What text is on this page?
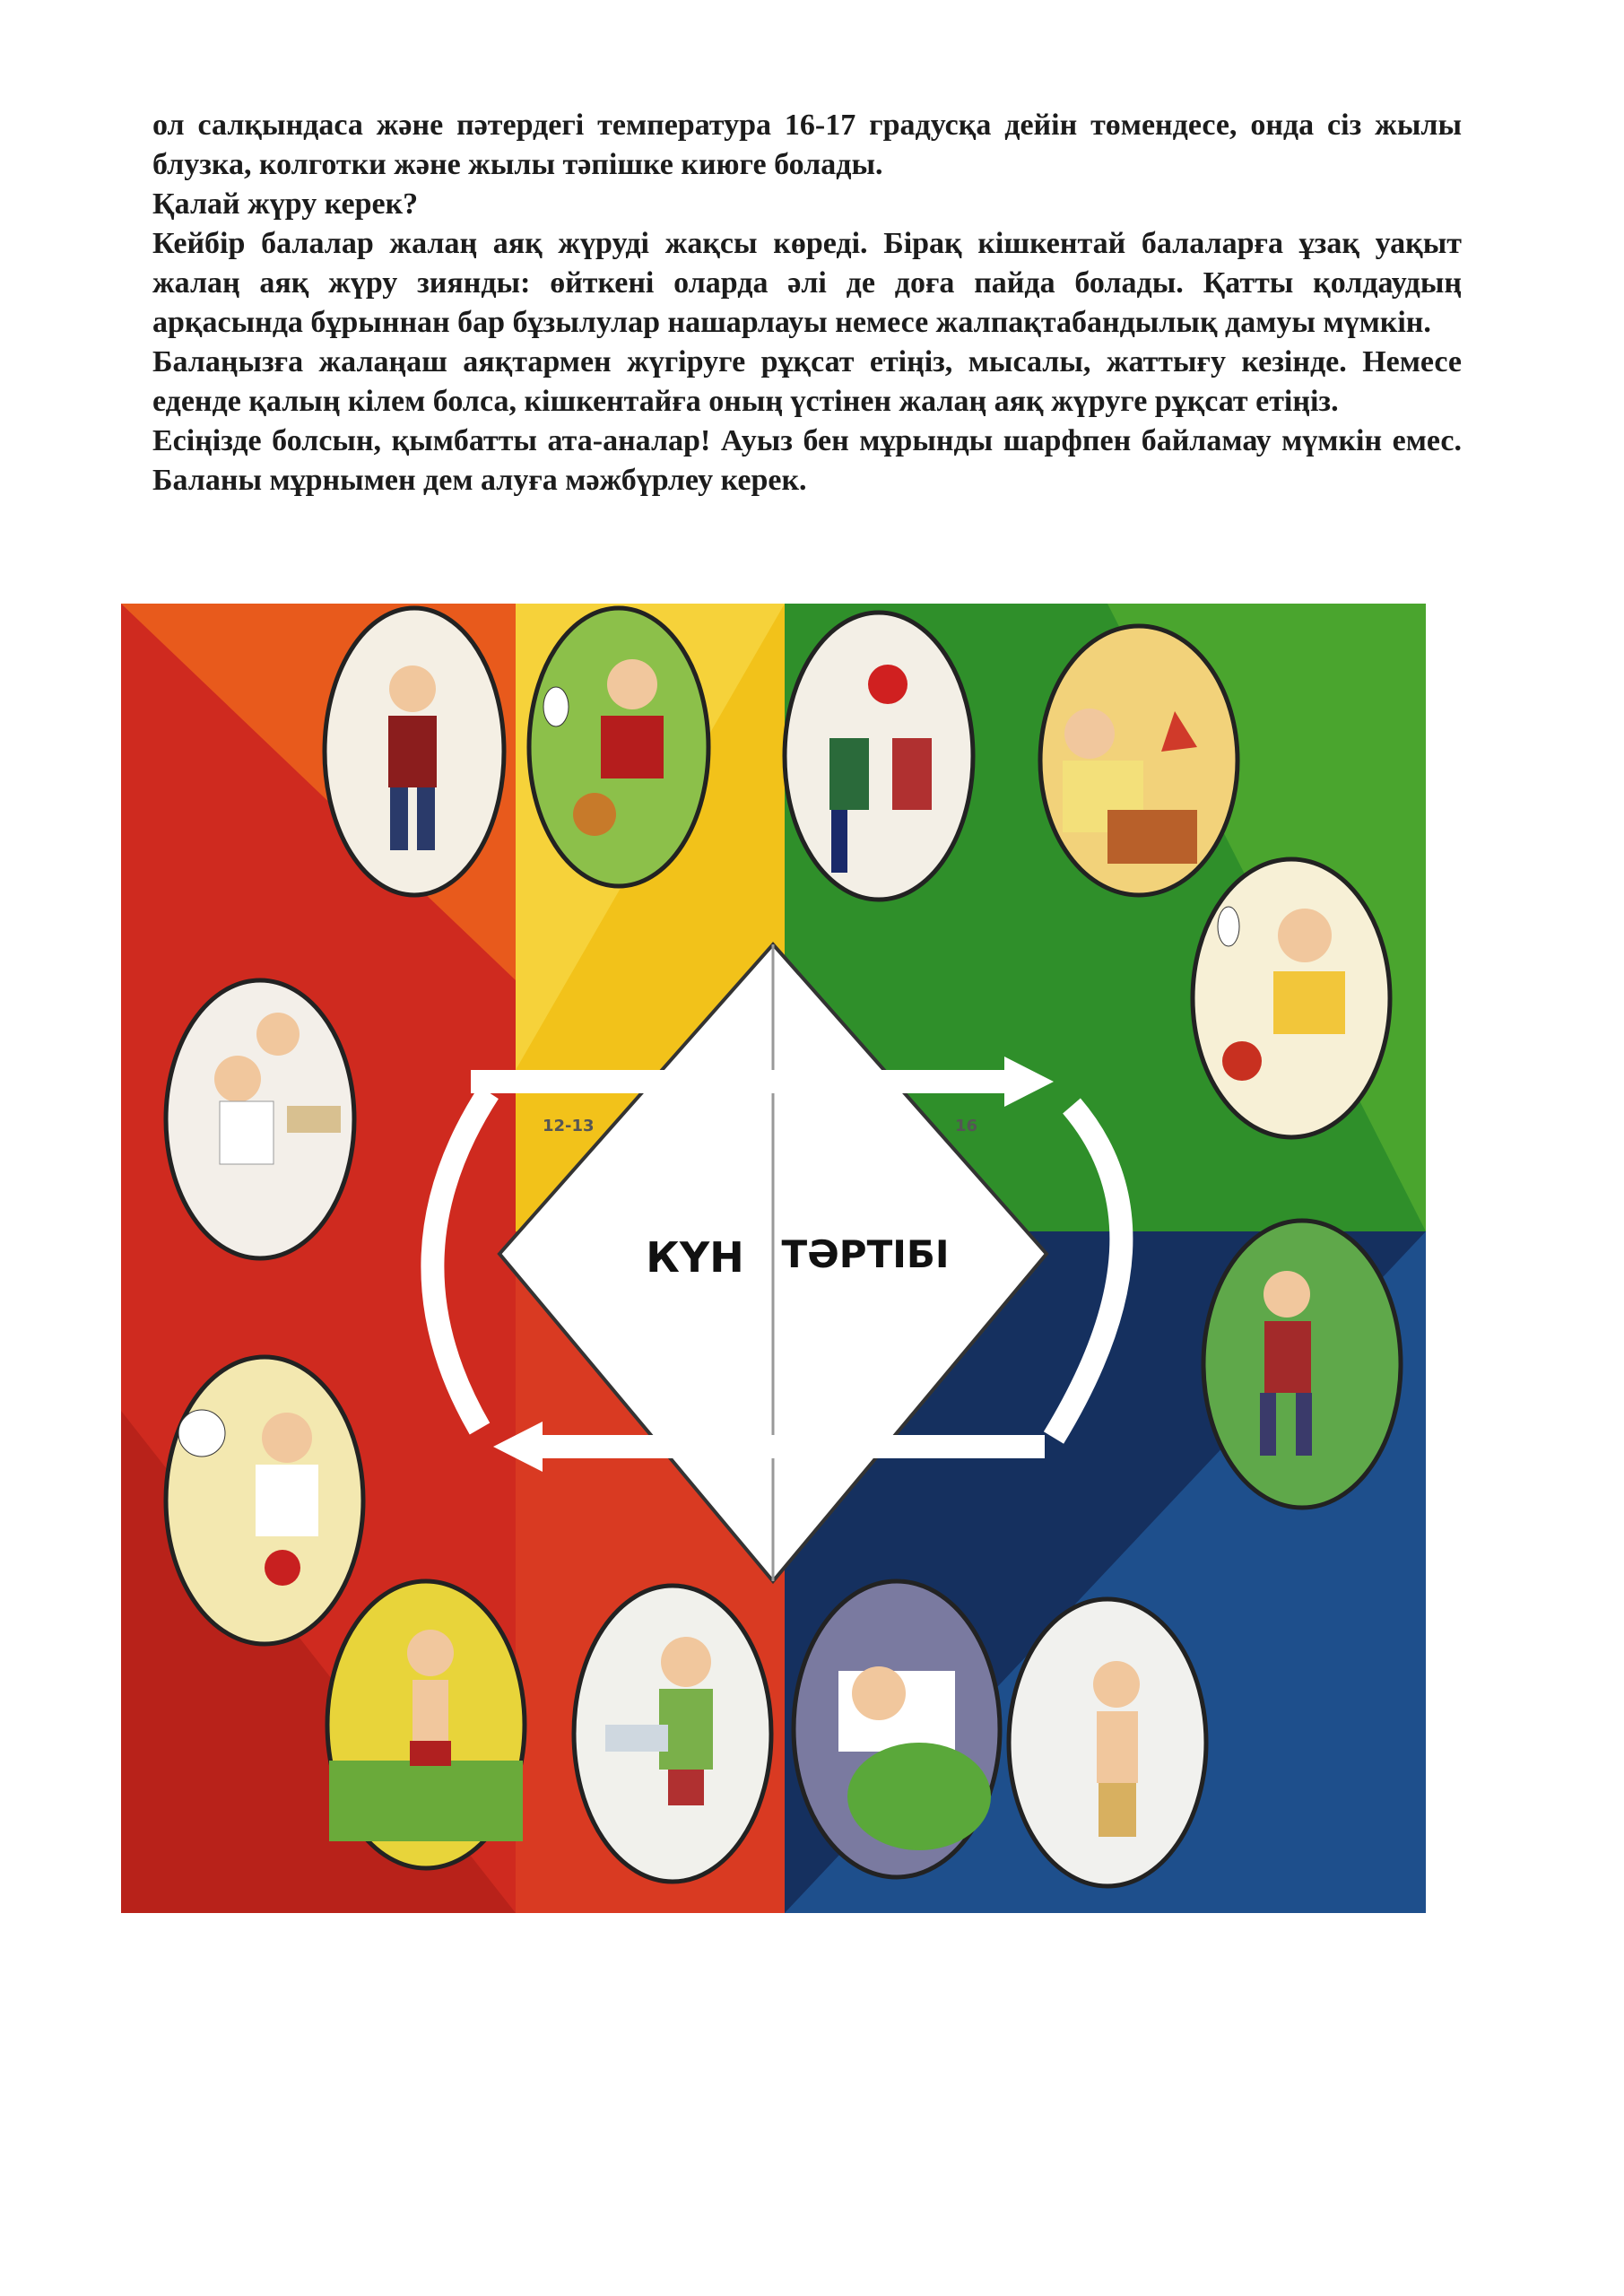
ол салқындаса және пәтердегі температура 16-17 градусқа дейін төмендесе, онда сіз жылы блузка, колготки және жылы тәпішке киюге болады.

Қалай жүру керек?

Кейбір балалар жалаң аяқ жүруді жақсы көреді. Бірақ кішкентай балаларға ұзақ уақыт жалаң аяқ жүру зиянды: өйткені оларда әлі де доға пайда болады. Қатты қолдаудың арқасында бұрыннан бар бұзылулар нашарлауы немесе жалпақтабандылық дамуы мүмкін.

Балаңызға жалаңаш аяқтармен жүгіруге рұқсат етіңіз, мысалы, жаттығу кезінде. Немесе еденде қалың кілем болса, кішкентайға оның үстінен жалаң аяқ жүруге рұқсат етіңіз.

Есіңізде болсын, қымбатты ата-аналар! Ауыз бен мұрынды шарфпен байламау мүмкін емес. Баланы мұрнымен дем алуға мәжбүрлеу керек.

12-13	16
КҮН ТӘРТІБІ
